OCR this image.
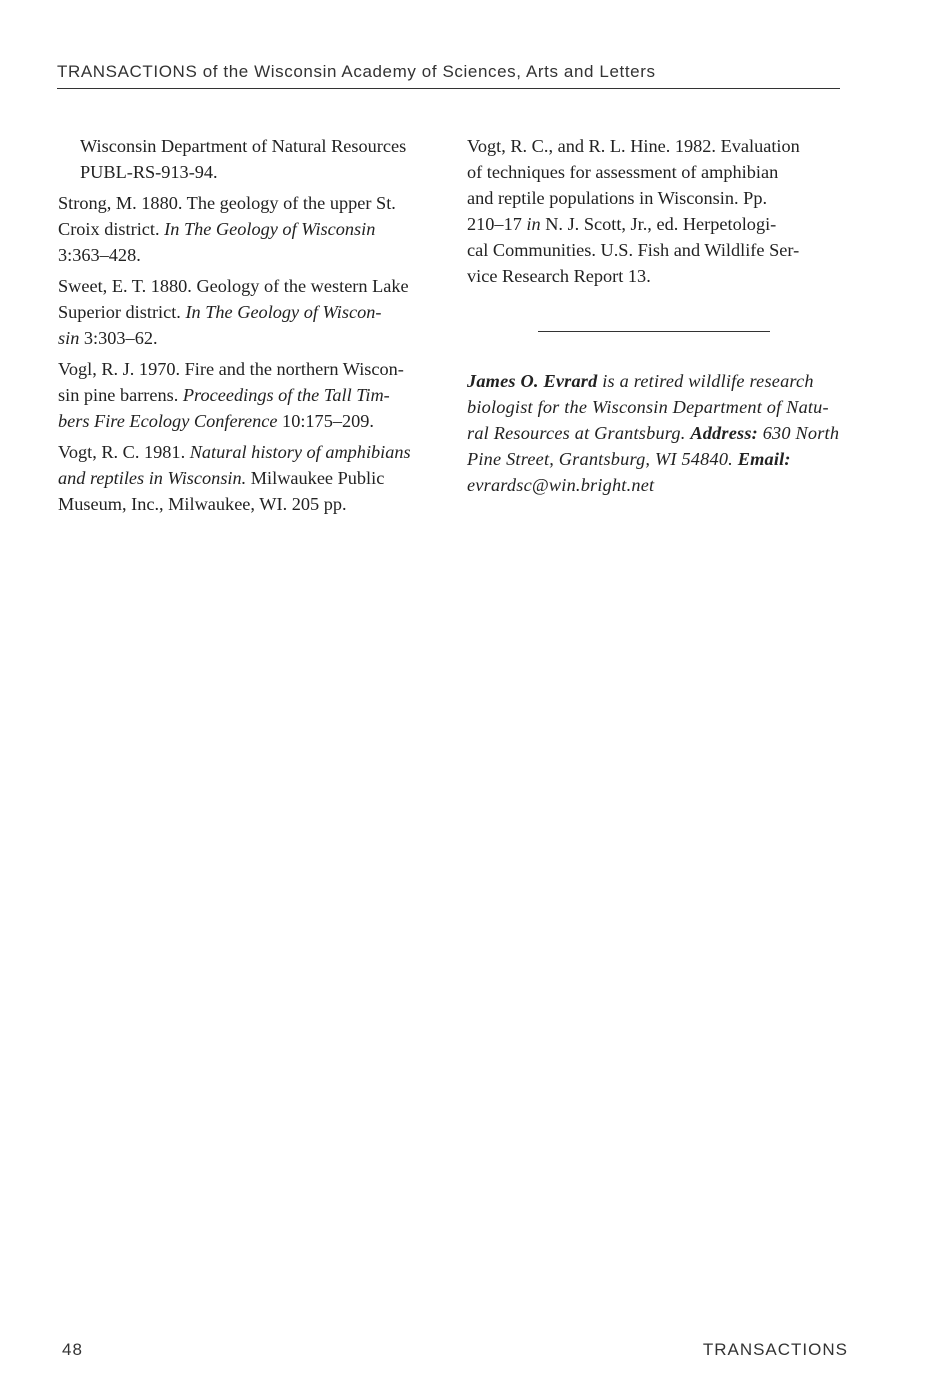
TRANSACTIONS of the Wisconsin Academy of Sciences, Arts and Letters

Wisconsin Department of Natural Resources
PUBL-RS-913-94.

Strong, M. 1880. The geology of the upper St.
Croix district. In The Geology of Wisconsin
3:363–428.

Sweet, E. T. 1880. Geology of the western Lake
Superior district. In The Geology of Wiscon-
sin 3:303–62.

Vogl, R. J. 1970. Fire and the northern Wiscon-
sin pine barrens. Proceedings of the Tall Tim-
bers Fire Ecology Conference 10:175–209.

Vogt, R. C. 1981. Natural history of amphibians
and reptiles in Wisconsin. Milwaukee Public
Museum, Inc., Milwaukee, WI. 205 pp.

Vogt, R. C., and R. L. Hine. 1982. Evaluation
of techniques for assessment of amphibian
and reptile populations in Wisconsin. Pp.
210–17 in N. J. Scott, Jr., ed. Herpetologi-
cal Communities. U.S. Fish and Wildlife Ser-
vice Research Report 13.

James O. Evrard is a retired wildlife research
biologist for the Wisconsin Department of Natu-
ral Resources at Grantsburg. Address: 630 North
Pine Street, Grantsburg, WI 54840. Email:
evrardsc@win.bright.net
48	TRANSACTIONS
